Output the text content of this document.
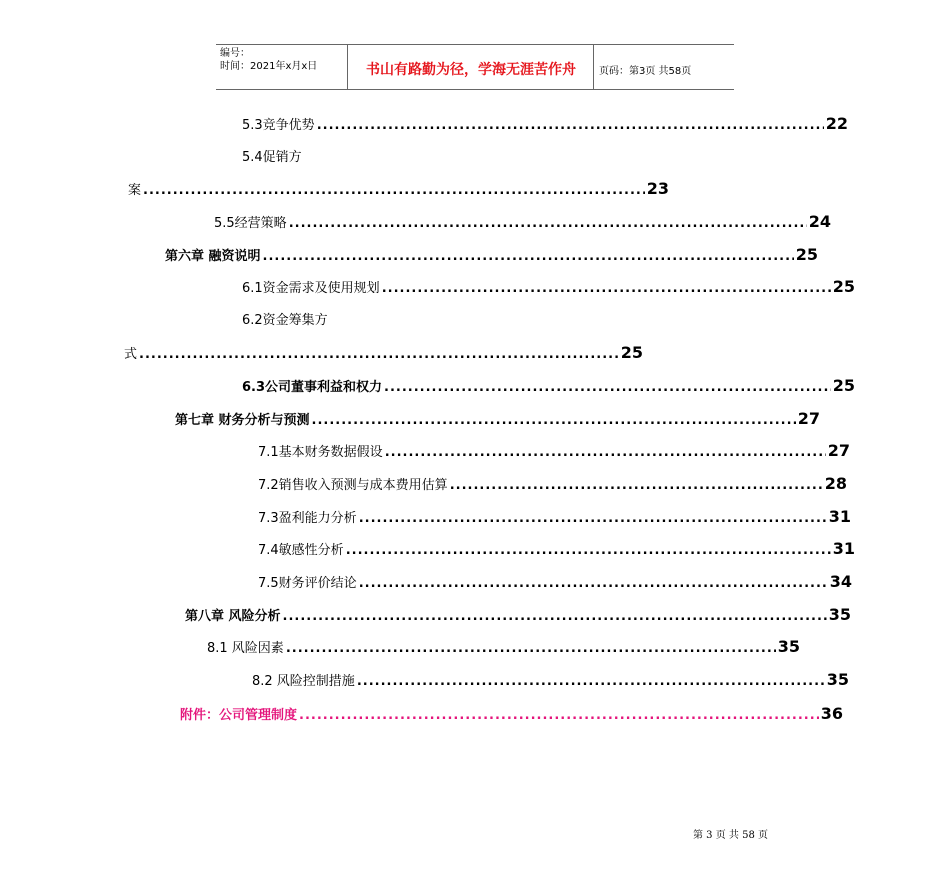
编号：
时间：2021年x月x日	书山有路勤为径，学海无涯苦作舟	页码：第3页 共58页
5.3竞争优势 .....	22
5.4促销方
案 .....	23
5.5经营策略 .....	24
第六章 融资说明 .....	25
6.1资金需求及使用规划 .....	25
6.2资金筹集方
式 .....	25
6.3公司董事利益和权力 .....	25
第七章 财务分析与预测 .....	27
7.1基本财务数据假设 .....	27
7.2销售收入预测与成本费用估算 .....	28
7.3盈利能力分析 .....	31
7.4敏感性分析 .....	31
7.5财务评价结论 .....	34
第八章 风险分析 .....	35
8.1 风险因素 .....	35
8.2 风险控制措施 .....	35
附件：公司管理制度 .....	36
第 3 页 共 58 页
